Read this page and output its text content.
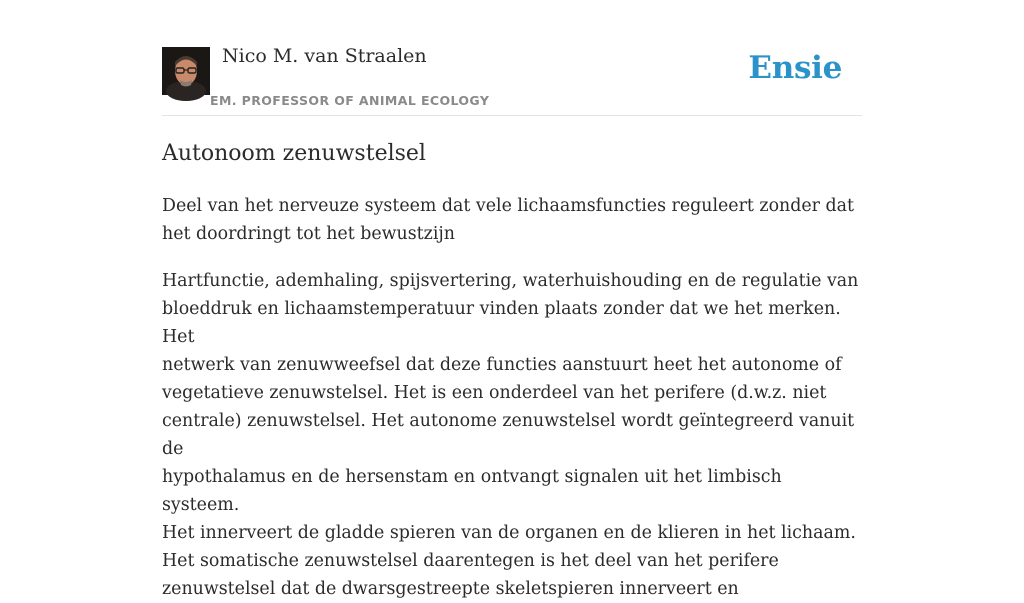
Nico M. van Straalen
EM. PROFESSOR OF ANIMAL ECOLOGY
Ensie
Autonoom zenuwstelsel

Deel van het nerveuze systeem dat vele lichaamsfuncties reguleert zonder dat
het doordringt tot het bewustzijn

Hartfunctie, ademhaling, spijsvertering, waterhuishouding en de regulatie van
bloeddruk en lichaamstemperatuur vinden plaats zonder dat we het merken. Het
netwerk van zenuwweefsel dat deze functies aanstuurt heet het autonome of
vegetatieve zenuwstelsel. Het is een onderdeel van het perifere (d.w.z. niet
centrale) zenuwstelsel. Het autonome zenuwstelsel wordt geïntegreerd vanuit de
hypothalamus en de hersenstam en ontvangt signalen uit het limbisch systeem.
Het innerveert de gladde spieren van de organen en de klieren in het lichaam.
Het somatische zenuwstelsel daarentegen is het deel van het perifere
zenuwstelsel dat de dwarsgestreepte skeletspieren innerveert en
